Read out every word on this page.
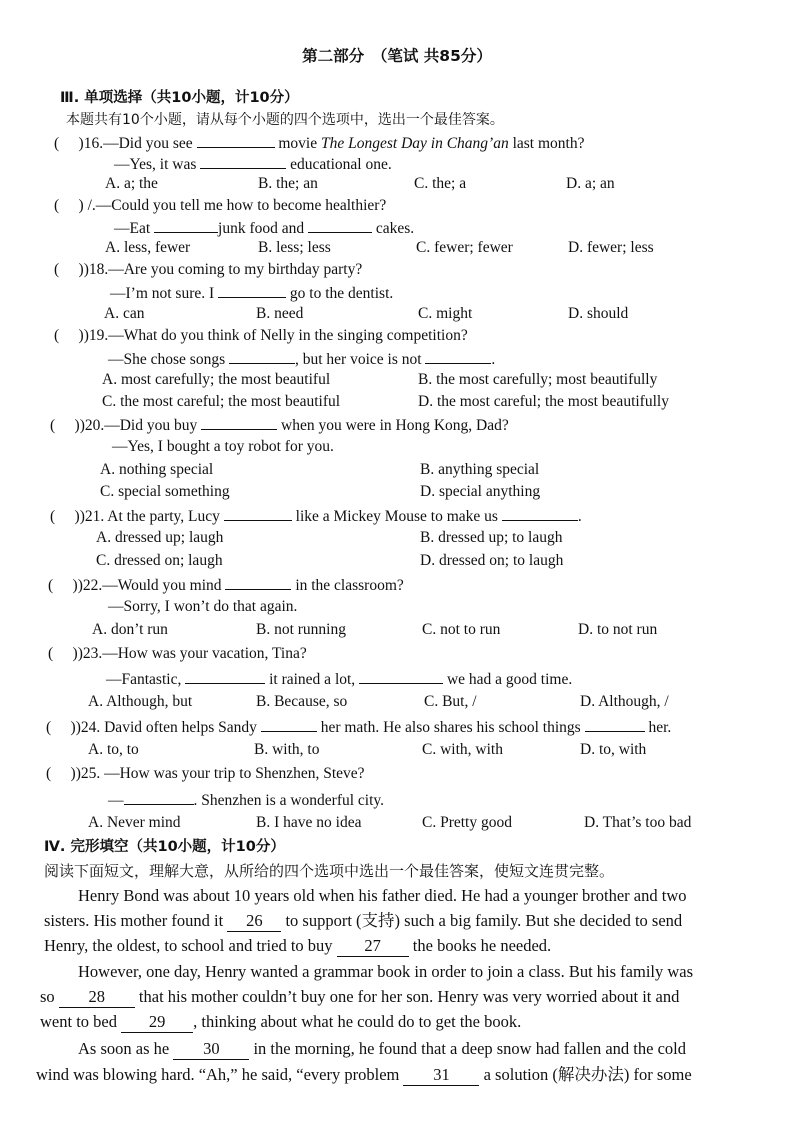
第二部分　（笔试 共85分）
Ⅲ. 单项选择（共10小题，计10分）
本题共有10个小题，请从每个小题的四个选项中，选出一个最佳答案。
(　 )16.—Did you see	movie The Longest Day in Chang’an last month?
—Yes, it was	educational one.
A. a; the	B. the; an	C. the; a	D. a; an
(　 ) /.—Could you tell me how to become healthier?
—Eat	junk food and	cakes.
A. less, fewer	B. less; less	C. fewer; fewer	D. fewer; less
(　 ))18.—Are you coming to my birthday party?
—I’m not sure. I	go to the dentist.
A. can	B. need	C. might	D. should
(　 ))19.—What do you think of Nelly in the singing competition?
—She chose songs	, but her voice is not	.
A. most carefully; the most beautiful	B. the most carefully; most beautifully
C. the most careful; the most beautiful	D. the most careful; the most beautifully
(　 ))20.—Did you buy	when you were in Hong Kong, Dad?
—Yes, I bought a toy robot for you.
A. nothing special	B. anything special
C. special something	D. special anything
(　 ))21. At the party, Lucy	like a Mickey Mouse to make us	.
A. dressed up; laugh	B. dressed up; to laugh
C. dressed on; laugh	D. dressed on; to laugh
(　 ))22.—Would you mind	in the classroom?
—Sorry, I won’t do that again.
A. don’t run	B. not running	C. not to run	D. to not run
(　 ))23.—How was your vacation, Tina?
—Fantastic,	it rained a lot,	we had a good time.
A. Although, but	B. Because, so	C. But, /	D. Although, /
(　 ))24. David often helps Sandy	her math. He also shares his school things	her.
A. to, to	B. with, to	C. with, with	D. to, with
(　 ))25. —How was your trip to Shenzhen, Steve?
—	. Shenzhen is a wonderful city.
A. Never mind	B. I have no idea	C. Pretty good	D. That’s too bad
Ⅳ. 完形填空（共10小题，计10分）
阅读下面短文，理解大意，从所给的四个选项中选出一个最佳答案，使短文连贯完整。
Henry Bond was about 10 years old when his father died. He had a younger brother and two
sisters. His mother found it 26 to support (支持) such a big family. But she decided to send
Henry, the oldest, to school and tried to buy 27 the books he needed.
However, one day, Henry wanted a grammar book in order to join a class. But his family was
so 28 that his mother couldn’t buy one for her son. Henry was very worried about it and
went to bed 29 , thinking about what he could do to get the book.
As soon as he 30 in the morning, he found that a deep snow had fallen and the cold
wind was blowing hard. “Ah,” he said, “every problem 31 a solution (解决办法) for some
